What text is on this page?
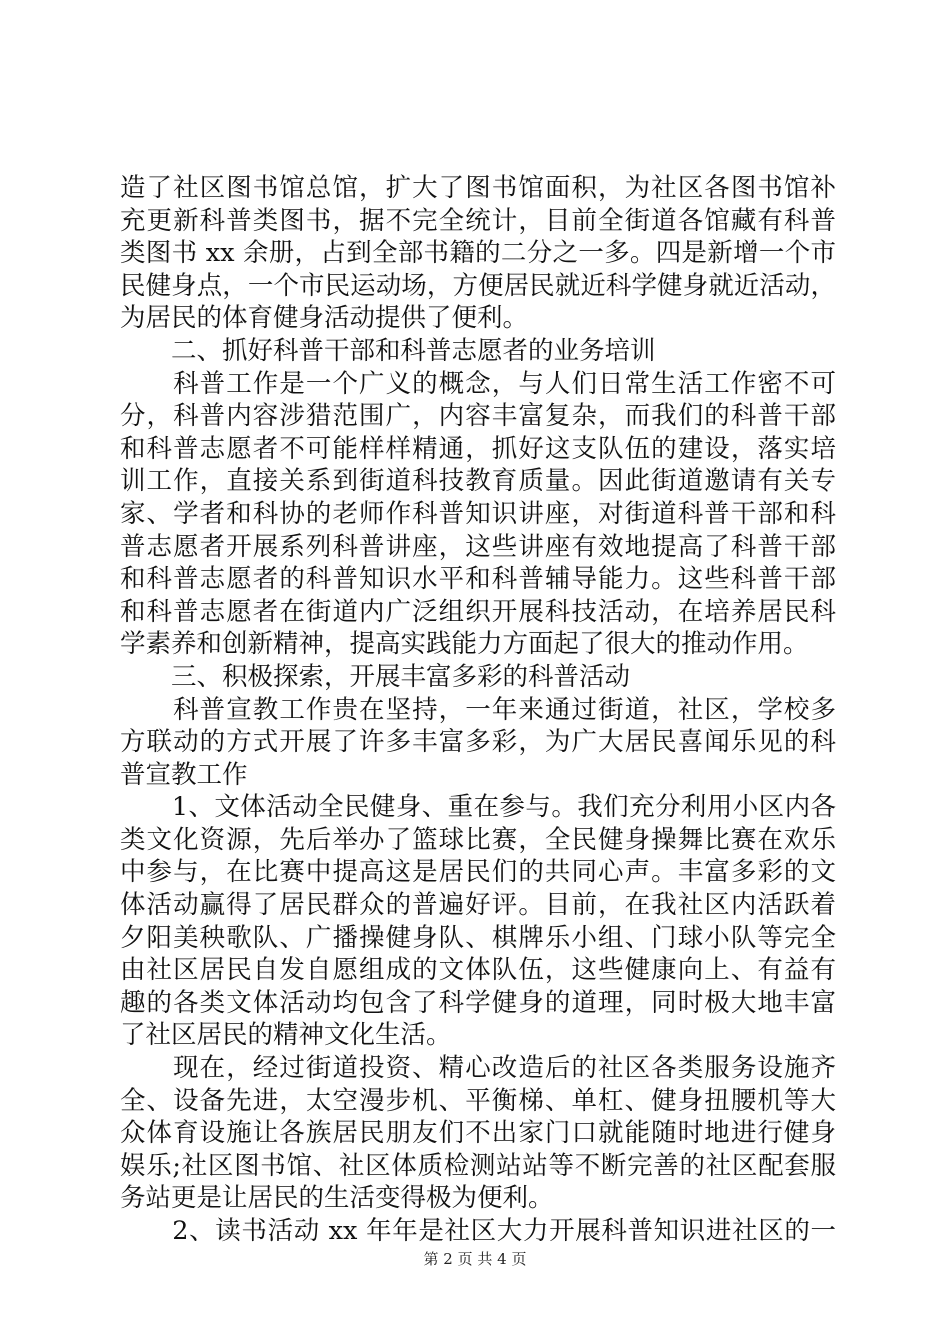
造了社区图书馆总馆，扩大了图书馆面积，为社区各图书馆补
充更新科普类图书，据不完全统计，目前全街道各馆藏有科普
类图书 xx 余册，占到全部书籍的二分之一多。四是新增一个市
民健身点，一个市民运动场，方便居民就近科学健身就近活动，
为居民的体育健身活动提供了便利。
　　二、抓好科普干部和科普志愿者的业务培训
　　科普工作是一个广义的概念，与人们日常生活工作密不可
分，科普内容涉猎范围广，内容丰富复杂，而我们的科普干部
和科普志愿者不可能样样精通，抓好这支队伍的建设，落实培
训工作，直接关系到街道科技教育质量。因此街道邀请有关专
家、学者和科协的老师作科普知识讲座，对街道科普干部和科
普志愿者开展系列科普讲座，这些讲座有效地提高了科普干部
和科普志愿者的科普知识水平和科普辅导能力。这些科普干部
和科普志愿者在街道内广泛组织开展科技活动，在培养居民科
学素养和创新精神，提高实践能力方面起了很大的推动作用。
　　三、积极探索，开展丰富多彩的科普活动
　　科普宣教工作贵在坚持，一年来通过街道，社区，学校多
方联动的方式开展了许多丰富多彩，为广大居民喜闻乐见的科
普宣教工作
　　1、文体活动全民健身、重在参与。我们充分利用小区内各
类文化资源，先后举办了篮球比赛，全民健身操舞比赛在欢乐
中参与，在比赛中提高这是居民们的共同心声。丰富多彩的文
体活动赢得了居民群众的普遍好评。目前，在我社区内活跃着
夕阳美秧歌队、广播操健身队、棋牌乐小组、门球小队等完全
由社区居民自发自愿组成的文体队伍，这些健康向上、有益有
趣的各类文体活动均包含了科学健身的道理，同时极大地丰富
了社区居民的精神文化生活。
　　现在，经过街道投资、精心改造后的社区各类服务设施齐
全、设备先进，太空漫步机、平衡梯、单杠、健身扭腰机等大
众体育设施让各族居民朋友们不出家门口就能随时地进行健身
娱乐;社区图书馆、社区体质检测站站等不断完善的社区配套服
务站更是让居民的生活变得极为便利。
　　2、读书活动 xx 年年是社区大力开展科普知识进社区的一
第 2 页 共 4 页
